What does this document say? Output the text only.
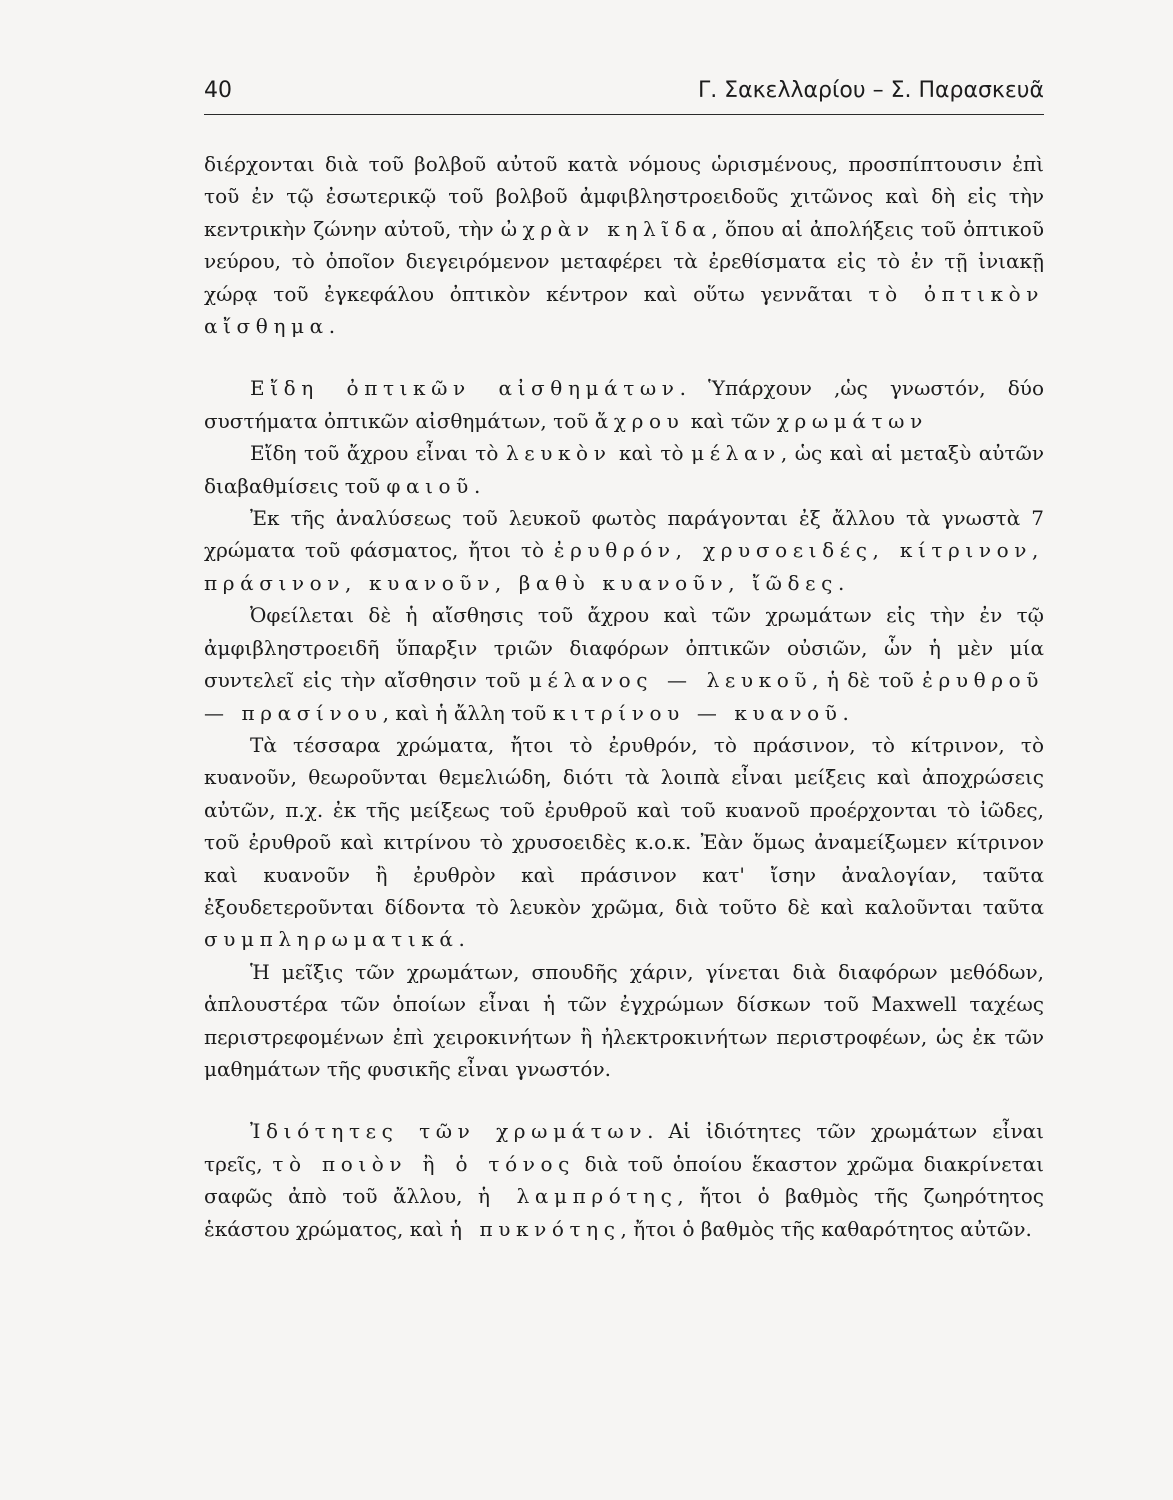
40	Γ. Σακελλαρίου – Σ. Παρασκευᾶ

διέρχονται διὰ τοῦ βολβοῦ αὐτοῦ κατὰ νόμους ὡρισμένους, προσπίπτουσιν ἐπὶ τοῦ ἐν τῷ ἐσωτερικῷ τοῦ βολβοῦ ἀμφιβληστροειδοῦς χιτῶνος καὶ δὴ εἰς τὴν κεντρικὴν ζώνην αὐτοῦ, τὴν ὠχρὰν κηλῖδα, ὅπου αἱ ἀπολήξεις τοῦ ὀπτικοῦ νεύρου, τὸ ὁποῖον διεγειρόμενον μεταφέρει τὰ ἐρεθίσματα εἰς τὸ ἐν τῇ ἰνιακῇ χώρᾳ τοῦ ἐγκεφάλου ὀπτικὸν κέντρον καὶ οὕτω γεννᾶται τὸ ὀπτικὸν αἴσθημα.

Εἴδη ὀπτικῶν αἰσθημάτων. Ὑπάρχουν ,ὡς γνωστόν, δύο συστήματα ὀπτικῶν αἰσθημάτων, τοῦ ἄχρου καὶ τῶν χρωμάτων

Εἴδη τοῦ ἄχρου εἶναι τὸ λευκὸν καὶ τὸ μέλαν, ὡς καὶ αἱ μεταξὺ αὐτῶν διαβαθμίσεις τοῦ φαιοῦ.

Ἐκ τῆς ἀναλύσεως τοῦ λευκοῦ φωτὸς παράγονται ἐξ ἄλλου τὰ γνωστὰ 7 χρώματα τοῦ φάσματος, ἤτοι τὸ ἐρυθρόν, χρυσοειδές, κίτρινον, πράσινον, κυανοῦν, βαθὺ κυανοῦν, ἴῶδες.

Ὀφείλεται δὲ ἡ αἴσθησις τοῦ ἄχρου καὶ τῶν χρωμάτων εἰς τὴν ἐν τῷ ἀμφιβληστροειδῆ ὕπαρξιν τριῶν διαφόρων ὀπτικῶν οὐσιῶν, ὧν ἡ μὲν μία συντελεῖ εἰς τὴν αἴσθησιν τοῦ μέλανος — λευκοῦ, ἡ δὲ τοῦ ἐρυθροῦ — πρασίνου, καὶ ἡ ἄλλη τοῦ κιτρίνου — κυανοῦ.

Τὰ τέσσαρα χρώματα, ἤτοι τὸ ἐρυθρόν, τὸ πράσινον, τὸ κίτρινον, τὸ κυανοῦν, θεωροῦνται θεμελιώδη, διότι τὰ λοιπὰ εἶναι μείξεις καὶ ἀποχρώσεις αὐτῶν, π.χ. ἐκ τῆς μείξεως τοῦ ἐρυθροῦ καὶ τοῦ κυανοῦ προέρχονται τὸ ἰῶδες, τοῦ ἐρυθροῦ καὶ κιτρίνου τὸ χρυσοειδὲς κ.ο.κ. Ἐὰν ὅμως ἀναμείξωμεν κίτρινον καὶ κυανοῦν ἢ ἐρυθρὸν καὶ πράσινον κατ' ἴσην ἀναλογίαν, ταῦτα ἐξουδετεροῦνται δίδοντα τὸ λευκὸν χρῶμα, διὰ τοῦτο δὲ καὶ καλοῦνται ταῦτα συμπληρωματικά.

Ἡ μεῖξις τῶν χρωμάτων, σπουδῆς χάριν, γίνεται διὰ διαφόρων μεθόδων, ἁπλουστέρα τῶν ὁποίων εἶναι ἡ τῶν ἐγχρώμων δίσκων τοῦ Maxwell ταχέως περιστρεφομένων ἐπὶ χειροκινήτων ἢ ἠλεκτροκινήτων περιστροφέων, ὡς ἐκ τῶν μαθημάτων τῆς φυσικῆς εἶναι γνωστόν.

Ἰδιότητες τῶν χρωμάτων. Αἱ ἰδιότητες τῶν χρωμάτων εἶναι τρεῖς, τὸ ποιὸν ἢ ὁ τόνος διὰ τοῦ ὁποίου ἕκαστον χρῶμα διακρίνεται σαφῶς ἀπὸ τοῦ ἄλλου, ἡ λαμπρότης, ἤτοι ὁ βαθμὸς τῆς ζωηρότητος ἑκάστου χρώματος, καὶ ἡ πυκνότης, ἤτοι ὁ βαθμὸς τῆς καθαρότητος αὐτῶν.
